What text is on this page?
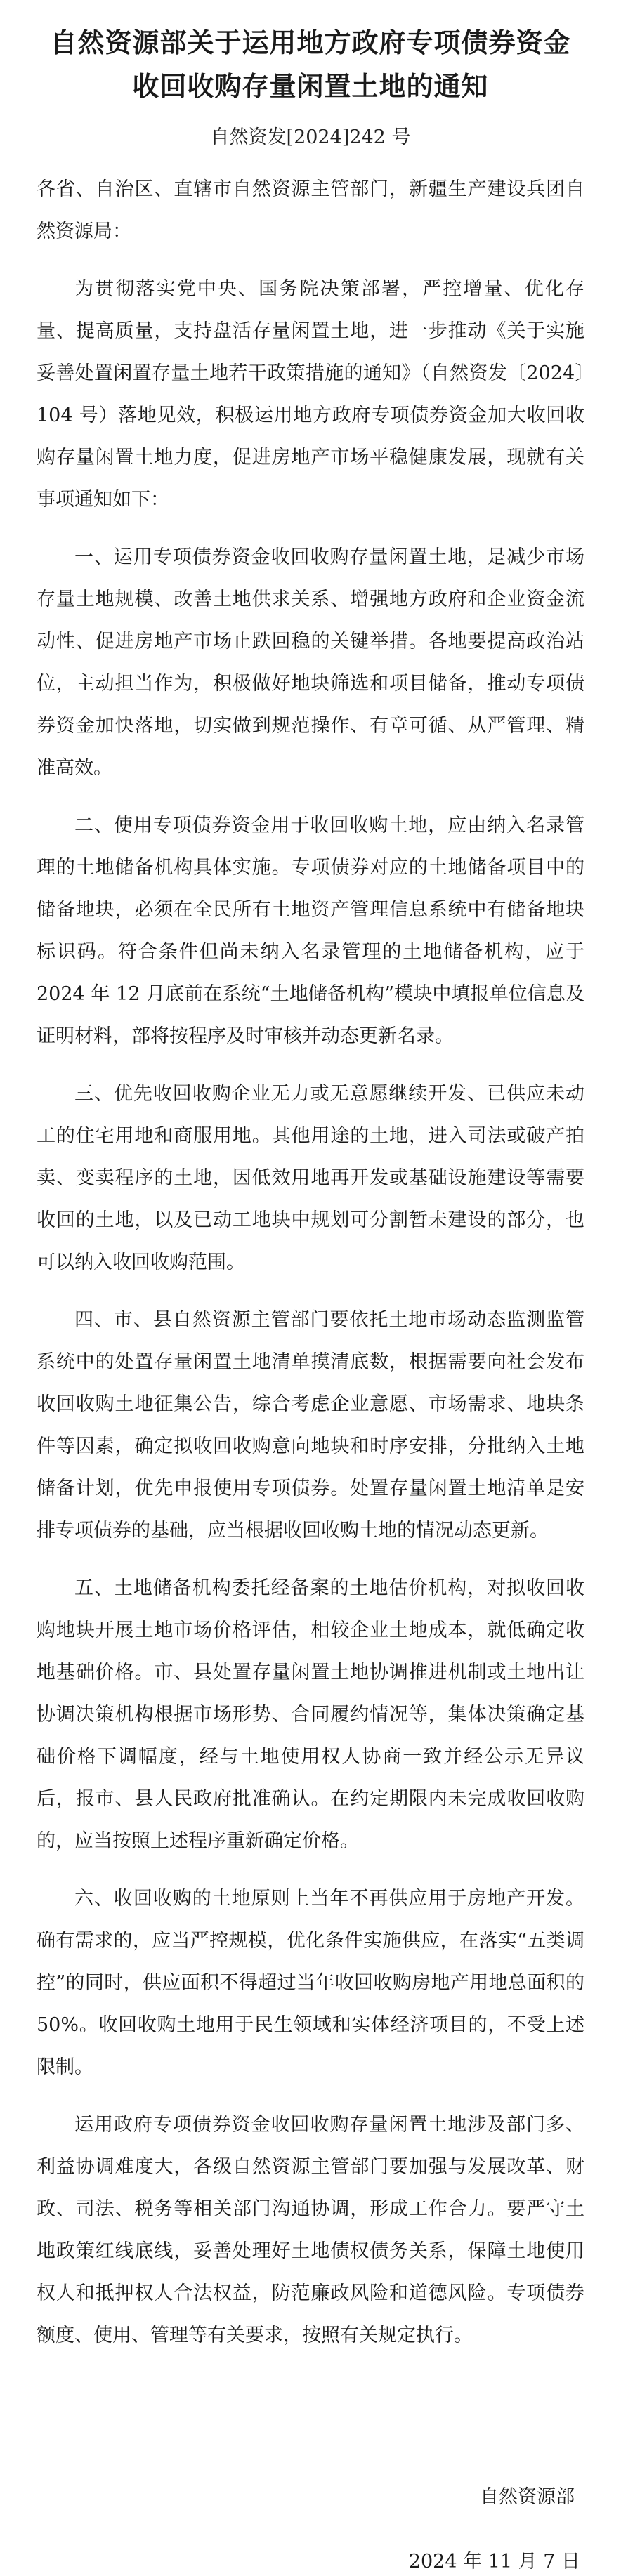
自然资源部关于运用地方政府专项债券资金收回收购存量闲置土地的通知
自然资发[2024]242 号

各省、自治区、直辖市自然资源主管部门，新疆生产建设兵团自然资源局：

为贯彻落实党中央、国务院决策部署，严控增量、优化存量、提高质量，支持盘活存量闲置土地，进一步推动《关于实施妥善处置闲置存量土地若干政策措施的通知》（自然资发〔2024〕104 号）落地见效，积极运用地方政府专项债券资金加大收回收购存量闲置土地力度，促进房地产市场平稳健康发展，现就有关事项通知如下：

一、运用专项债券资金收回收购存量闲置土地，是减少市场存量土地规模、改善土地供求关系、增强地方政府和企业资金流动性、促进房地产市场止跌回稳的关键举措。各地要提高政治站位，主动担当作为，积极做好地块筛选和项目储备，推动专项债券资金加快落地，切实做到规范操作、有章可循、从严管理、精准高效。

二、使用专项债券资金用于收回收购土地，应由纳入名录管理的土地储备机构具体实施。专项债券对应的土地储备项目中的储备地块，必须在全民所有土地资产管理信息系统中有储备地块标识码。符合条件但尚未纳入名录管理的土地储备机构，应于 2024 年 12 月底前在系统“土地储备机构”模块中填报单位信息及证明材料，部将按程序及时审核并动态更新名录。

三、优先收回收购企业无力或无意愿继续开发、已供应未动工的住宅用地和商服用地。其他用途的土地，进入司法或破产拍卖、变卖程序的土地，因低效用地再开发或基础设施建设等需要收回的土地，以及已动工地块中规划可分割暂未建设的部分，也可以纳入收回收购范围。

四、市、县自然资源主管部门要依托土地市场动态监测监管系统中的处置存量闲置土地清单摸清底数，根据需要向社会发布收回收购土地征集公告，综合考虑企业意愿、市场需求、地块条件等因素，确定拟收回收购意向地块和时序安排，分批纳入土地储备计划，优先申报使用专项债券。处置存量闲置土地清单是安排专项债券的基础，应当根据收回收购土地的情况动态更新。

五、土地储备机构委托经备案的土地估价机构，对拟收回收购地块开展土地市场价格评估，相较企业土地成本，就低确定收地基础价格。市、县处置存量闲置土地协调推进机制或土地出让协调决策机构根据市场形势、合同履约情况等，集体决策确定基础价格下调幅度，经与土地使用权人协商一致并经公示无异议后，报市、县人民政府批准确认。在约定期限内未完成收回收购的，应当按照上述程序重新确定价格。

六、收回收购的土地原则上当年不再供应用于房地产开发。确有需求的，应当严控规模，优化条件实施供应，在落实“五类调控”的同时，供应面积不得超过当年收回收购房地产用地总面积的 50%。收回收购土地用于民生领域和实体经济项目的，不受上述限制。

运用政府专项债券资金收回收购存量闲置土地涉及部门多、利益协调难度大，各级自然资源主管部门要加强与发展改革、财政、司法、税务等相关部门沟通协调，形成工作合力。要严守土地政策红线底线，妥善处理好土地债权债务关系，保障土地使用权人和抵押权人合法权益，防范廉政风险和道德风险。专项债券额度、使用、管理等有关要求，按照有关规定执行。

自然资源部
2024 年 11 月 7 日
